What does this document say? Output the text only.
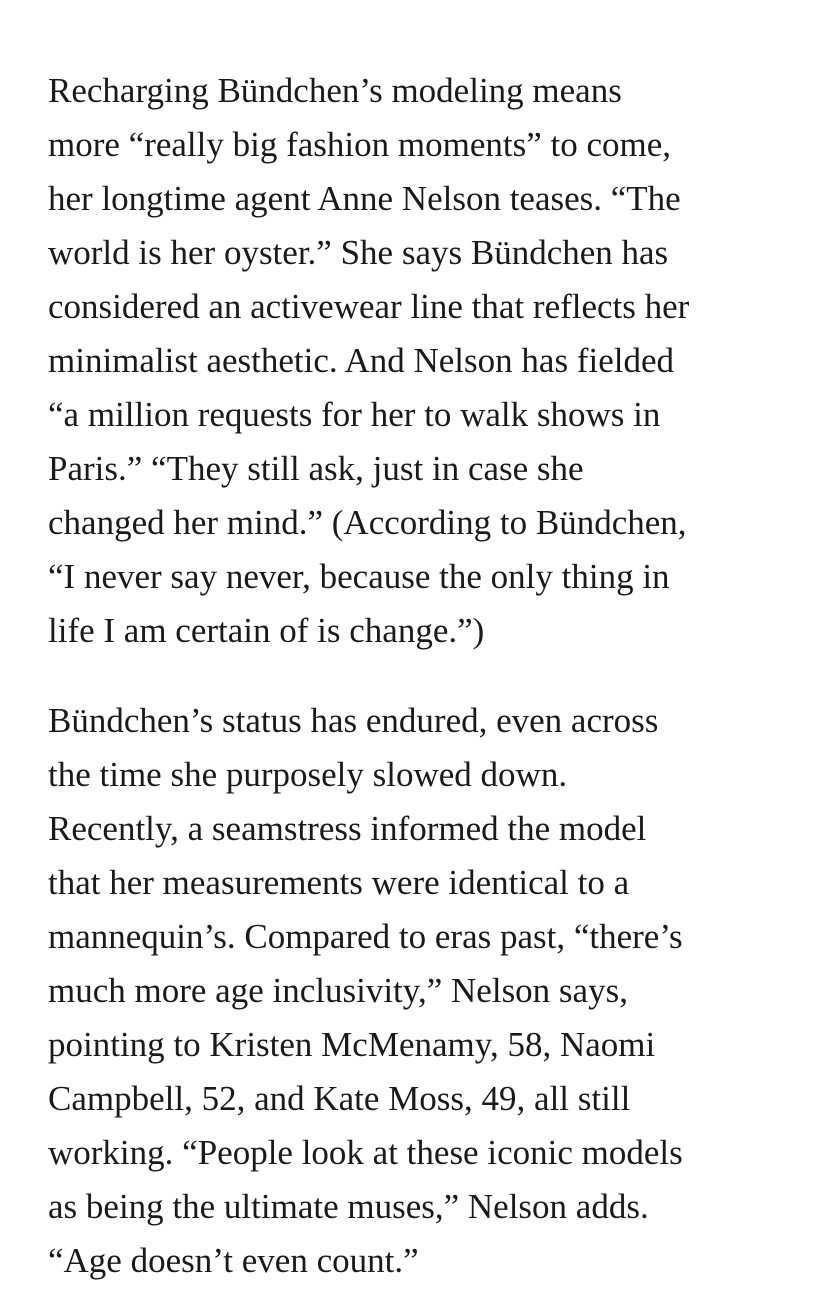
Recharging Bündchen’s modeling means
more “really big fashion moments” to come,
her longtime agent Anne Nelson teases. “The
world is her oyster.” She says Bündchen has
considered an activewear line that reflects her
minimalist aesthetic. And Nelson has fielded
“a million requests for her to walk shows in
Paris.” “They still ask, just in case she
changed her mind.” (According to Bündchen,
“I never say never, because the only thing in
life I am certain of is change.”)

Bündchen’s status has endured, even across
the time she purposely slowed down.
Recently, a seamstress informed the model
that her measurements were identical to a
mannequin’s. Compared to eras past, “there’s
much more age inclusivity,” Nelson says,
pointing to Kristen McMenamy, 58, Naomi
Campbell, 52, and Kate Moss, 49, all still
working. “People look at these iconic models
as being the ultimate muses,” Nelson adds.
“Age doesn’t even count.”
